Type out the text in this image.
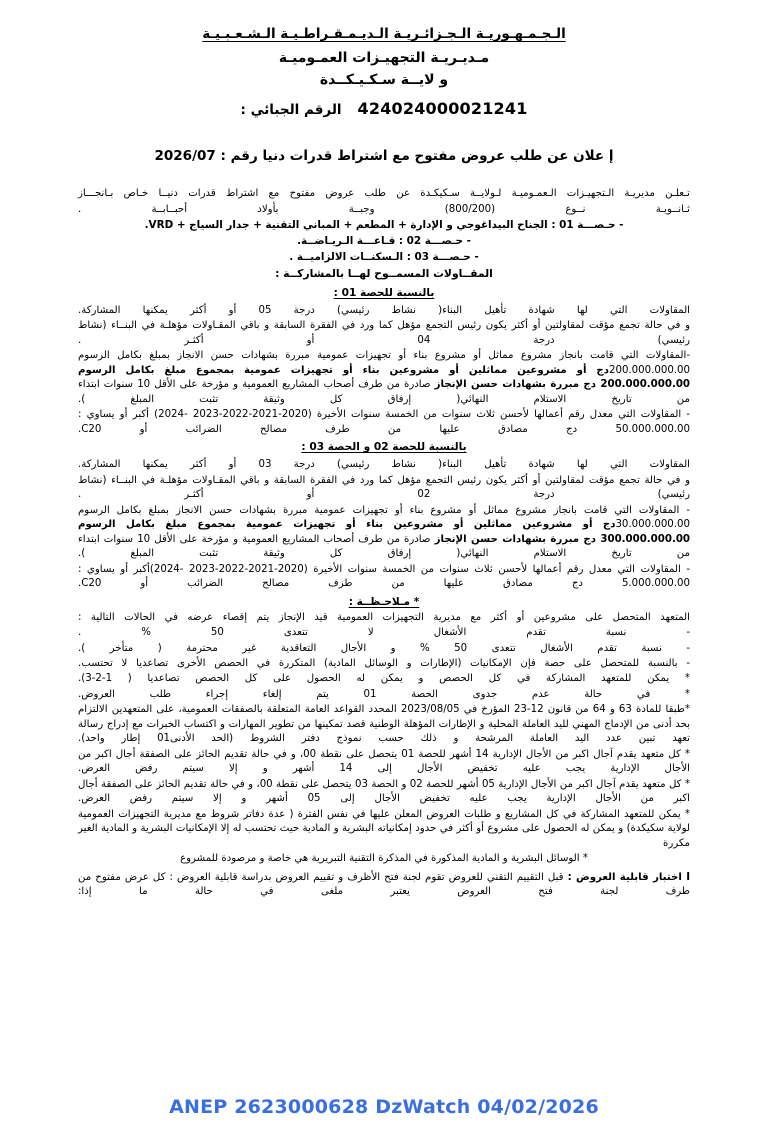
الـجـمـهـوريـة الـجـزائـريـة الـديـمـقـراطـيـة الـشـعـبـيـة
مـديـريـة التجهيـزات العمـوميـة
و لايــة سـكـيـكــدة
424024000021241
الرقم الجبائي :
إ علان عن طلب عروض مفتوح مع اشتراط قدرات دنيا رقم : 2026/07

تـعلـن مديريـة الـتجهيـزات الـعمـوميـة لـولايــة سـكيكـدة عن طلب عروض مفتوح مع اشتراط قدرات دنيــا خـاص بـانجـــاز

ثـانــويـة نــوع (800/200) وجبــة بأولاد أحبــابــة .

- حـصـــة 01 : الجناح البيداغوجي و الإدارة + المطعم + المباني التقنية + جدار السياج + VRD.

- حـصـــة 02 : قـاعـــة الـريـاضــة.

- حـصـــة 03 : الـسكنــات الالزاميــة .

المقــاولات المسمــوح لهــا بالمشاركــة :

بالنسبة للحصة 01 :

المقاولات التي لها شهادة تأهيل البناء( نشاط رئيسي) درجة 05 أو أكثر يمكنها المشاركة.

و في حالة تجمع مؤقت لمقاولتين أو أكثر يكون رئيس التجمع مؤهل كما ورد في الفقرة السابقة و باقي المقـاولات مؤهلـة في البنــاء (نشاط رئيسي) درجة 04 أو أكثـر .

-المقاولات التي قامت بانجاز مشروع مماثل أو مشروع بناء أو تجهيزات عمومية مبررة بشهادات حسن الانجاز بمبلغ بكامل الرسوم 200.000.000.00دج أو مشروعين مماثلين أو مشروعين بناء أو تجهيزات عمومية بمجموع مبلغ بكامل الرسوم 200.000.000.00 دج مبررة بشهادات حسن الإنجاز صادرة من طرف أصحاب المشاريع العمومية و مؤرخة على الأقل 10 سنوات ابتداء من تاريخ الاستلام النهائي( إرفاق كل وثيقة تثبت المبلغ ).

- المقاولات التي معدل رقم أعمالها لأحسن ثلاث سنوات من الخمسة سنوات الأخيرة (2020-2021-2022-2023 -2024) أكبر أو يساوي : 50.000.000.00 دج مصادق عليها من طرف مصالح الضرائب أو C20.

بالنسبة للحصة 02 و الحصة 03 :

المقاولات التي لها شهادة تأهيل البناء( نشاط رئيسي) درجة 03 أو أكثر يمكنها المشاركة.

و في حالة تجمع مؤقت لمقاولتين أو أكثر يكون رئيس التجمع مؤهل كما ورد في الفقرة السابقة و باقي المقـاولات مؤهلـة في البنــاء (نشاط رئيسي) درجة 02 أو أكثـر .

- المقاولات التي قامت بانجاز مشروع مماثل أو مشروع بناء أو تجهيزات عمومية مبررة بشهادات حسن الانجاز بمبلغ بكامل الرسوم 30.000.000.00دج أو مشروعين مماثلين أو مشروعين بناء أو تجهيزات عمومية بمجموع مبلغ بكامل الرسوم 300.000.000.00 دج مبررة بشهادات حسن الإنجاز صادرة من طرف أصحاب المشاريع العمومية و مؤرخة على الأقل 10 سنوات ابتداء من تاريخ الاستلام النهائي( إرفاق كل وثيقة تثبت المبلغ ).

- المقاولات التي معدل رقم أعمالها لأحسن ثلاث سنوات من الخمسة سنوات الأخيرة (2020-2021-2022-2023 -2024)أكبر أو يساوي : 5.000.000.00 دج مصادق عليها من طرف مصالح الضرائب أو C20.

* مـلاحـظــة :

المتعهد المتحصل على مشروعين أو أكثر مع مديرية التجهيزات العمومية قيد الإنجاز يتم إقصاء عرضه في الحالات التالية :

- نسبة تقدم الأشغال لا تتعدى 50 % .

- نسبة تقدم الأشغال تتعدى 50 % و الأجال التعاقدية غير محترمة ( متأخر ).

- بالنسبة للمتحصل على حصة فإن الإمكانيات (الإطارات و الوسائل المادية) المتكررة في الحصص الأخرى تصاعديا لا تحتسب.

* يمكن للمتعهد المشاركة في كل الحصص و يمكن له الحصول على كل الحصص تصاعديا ( 1-2-3).

* في حالة عدم جدوى الحصة 01 يتم إلغاء إجراء طلب العروض.

*طبقا للمادة 63 و 64 من قانون 12-23 المؤرخ في 2023/08/05 المحدد القواعد العامة المتعلقة بالصفقات العمومية، على المتعهدين الالتزام بحد أدنى من الإدماج المهني لليد العاملة المحلية و الإطارات المؤهلة الوطنية قصد تمكينها من تطوير المهارات و اكتساب الخبرات مع إدراج رسالة تعهد تبين عدد اليد العاملة المرشحة و ذلك حسب نموذج دفتر الشروط (الحد الأدنى01 إطار واحد).

* كل متعهد يقدم آجال اكبر من الأجال الإدارية 14 أشهر للحصة 01 يتحصل على نقطة 00، و في حالة تقديم الحائز على الصفقة أجال اكبر من الأجال الإدارية يجب عليه تخفيض الأجال إلى 14 أشهر و إلا سيتم رفض العرض.

* كل متعهد يقدم آجال اكبر من الأجال الإدارية 05 أشهر للحصة 02 و الحصة 03 يتحصل على نقطة 00، و في حالة تقديم الحائز على الصفقة أجال اكبر من الأجال الإدارية يجب عليه تخفيض الأجال إلى 05 أشهر و إلا سيتم رفض العرض.

* يمكن للمتعهد المشاركة في كل المشاريع و طلبات العروض المعلن عليها في نفس الفترة ( عدة دفاتر شروط مع مديرية التجهيزات العمومية لولاية سكيكدة) و يمكن له الحصول على مشروع أو أكثر في حدود إمكانياته البشرية و المادية حيث تحتسب له إلا الإمكانيات البشرية و المادية الغير مكررة

* الوسائل البشرية و المادية المذكورة في المذكرة التقنية التبريرية هي خاصة و مرصودة للمشروع

I اختبار قابلية العروض : قبل التقييم التقني للعروض تقوم لجنة فتح الأظرف و تقييم العروض بدراسة قابلية العروض : كل عرض مفتوح من طرف لجنة فتح العروض يعتبر ملغى في حالة ما إذا:

ANEP 2623000628 DzWatch 04/02/2026
